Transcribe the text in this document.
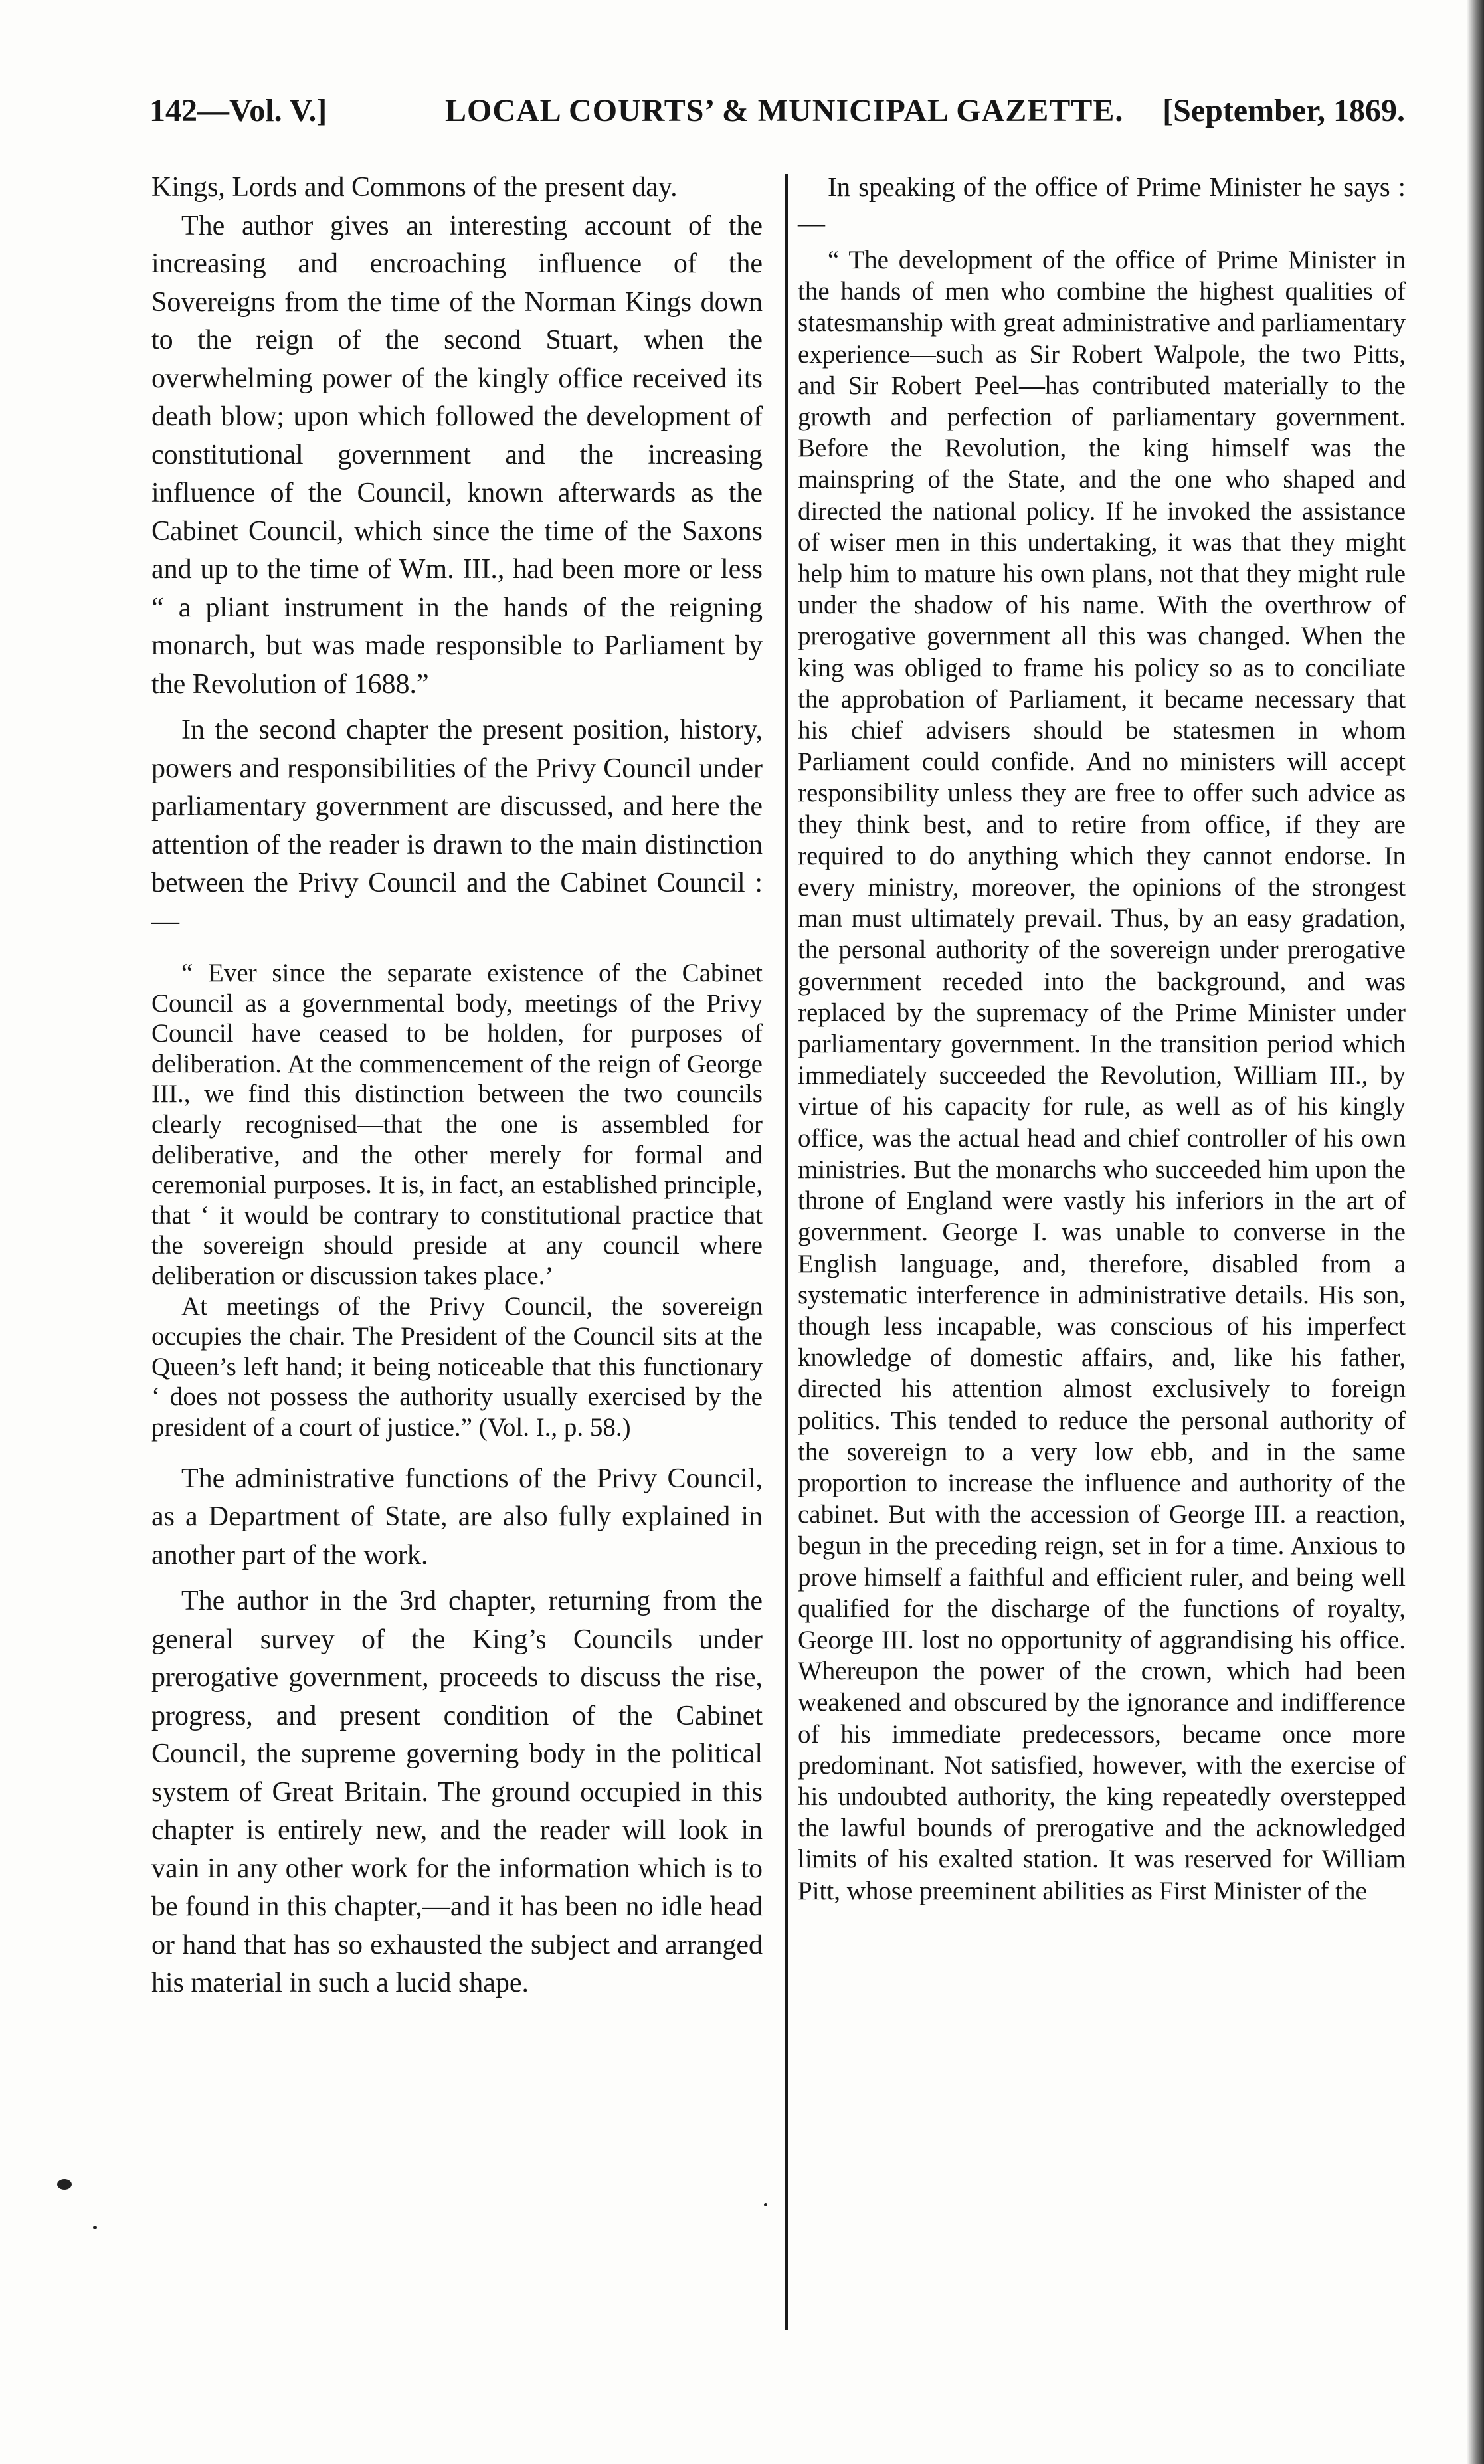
142—Vol. V.]	LOCAL COURTS’ & MUNICIPAL GAZETTE. [September, 1869.

Kings, Lords and Commons of the present day.

The author gives an interesting account of the increasing and encroaching influence of the Sovereigns from the time of the Norman Kings down to the reign of the second Stuart, when the overwhelming power of the kingly office received its death blow; upon which followed the development of constitutional government and the increasing influence of the Council, known afterwards as the Cabinet Council, which since the time of the Saxons and up to the time of Wm. III., had been more or less “ a pliant instrument in the hands of the reigning monarch, but was made responsible to Parliament by the Revolution of 1688.”

In the second chapter the present position, history, powers and responsibilities of the Privy Council under parliamentary government are discussed, and here the attention of the reader is drawn to the main distinction between the Privy Council and the Cabinet Council :—

“ Ever since the separate existence of the Cabinet Council as a governmental body, meetings of the Privy Council have ceased to be holden, for purposes of deliberation. At the commencement of the reign of George III., we find this distinction between the two councils clearly recognised—that the one is assembled for deliberative, and the other merely for formal and ceremonial purposes. It is, in fact, an established principle, that ‘ it would be contrary to constitutional practice that the sovereign should preside at any council where deliberation or discussion takes place.’

At meetings of the Privy Council, the sovereign occupies the chair. The President of the Council sits at the Queen’s left hand; it being noticeable that this functionary ‘ does not possess the authority usually exercised by the president of a court of justice.” (Vol. I., p. 58.)

The administrative functions of the Privy Council, as a Department of State, are also fully explained in another part of the work.

The author in the 3rd chapter, returning from the general survey of the King’s Councils under prerogative government, proceeds to discuss the rise, progress, and present condition of the Cabinet Council, the supreme governing body in the political system of Great Britain. The ground occupied in this chapter is entirely new, and the reader will look in vain in any other work for the information which is to be found in this chapter,—and it has been no idle head or hand that has so exhausted the subject and arranged his material in such a lucid shape.

In speaking of the office of Prime Minister he says :—

“ The development of the office of Prime Minister in the hands of men who combine the highest qualities of statesmanship with great administrative and parliamentary experience—such as Sir Robert Walpole, the two Pitts, and Sir Robert Peel—has contributed materially to the growth and perfection of parliamentary government. Before the Revolution, the king himself was the mainspring of the State, and the one who shaped and directed the national policy. If he invoked the assistance of wiser men in this undertaking, it was that they might help him to mature his own plans, not that they might rule under the shadow of his name. With the overthrow of prerogative government all this was changed. When the king was obliged to frame his policy so as to conciliate the approbation of Parliament, it became necessary that his chief advisers should be statesmen in whom Parliament could confide. And no ministers will accept responsibility unless they are free to offer such advice as they think best, and to retire from office, if they are required to do anything which they cannot endorse. In every ministry, moreover, the opinions of the strongest man must ultimately prevail. Thus, by an easy gradation, the personal authority of the sovereign under prerogative government receded into the background, and was replaced by the supremacy of the Prime Minister under parliamentary government. In the transition period which immediately succeeded the Revolution, William III., by virtue of his capacity for rule, as well as of his kingly office, was the actual head and chief controller of his own ministries. But the monarchs who succeeded him upon the throne of England were vastly his inferiors in the art of government. George I. was unable to converse in the English language, and, therefore, disabled from a systematic interference in administrative details. His son, though less incapable, was conscious of his imperfect knowledge of domestic affairs, and, like his father, directed his attention almost exclusively to foreign politics. This tended to reduce the personal authority of the sovereign to a very low ebb, and in the same proportion to increase the influence and authority of the cabinet. But with the accession of George III. a reaction, begun in the preceding reign, set in for a time. Anxious to prove himself a faithful and efficient ruler, and being well qualified for the discharge of the functions of royalty, George III. lost no opportunity of aggrandising his office. Whereupon the power of the crown, which had been weakened and obscured by the ignorance and indifference of his immediate predecessors, became once more predominant. Not satisfied, however, with the exercise of his undoubted authority, the king repeatedly overstepped the lawful bounds of prerogative and the acknowledged limits of his exalted station. It was reserved for William Pitt, whose preeminent abilities as First Minister of the
